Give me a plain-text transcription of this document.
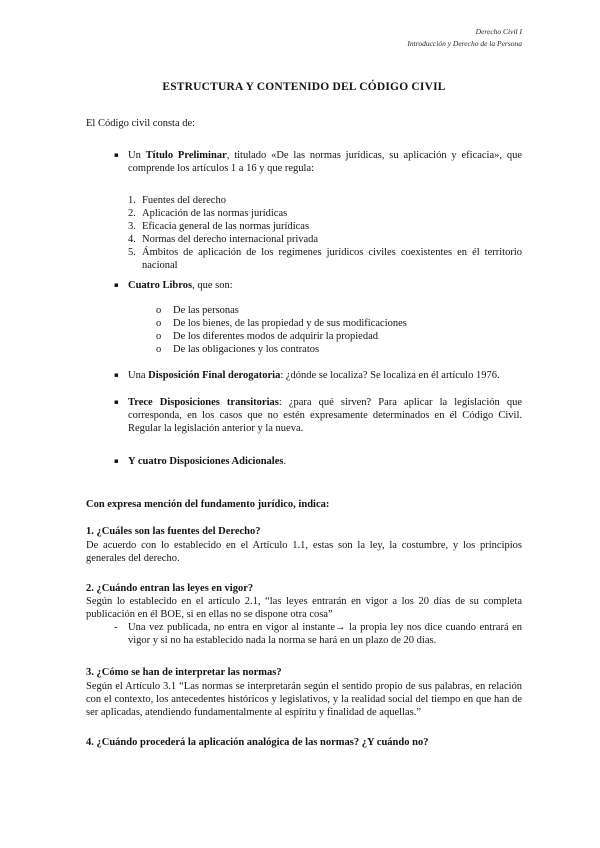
Derecho Civil I
Introducción y Derecho de la Persona
ESTRUCTURA Y CONTENIDO DEL CÓDIGO CIVIL

El Código civil consta de:

▪ Un Título Preliminar, titulado «De las normas jurídicas, su aplicación y eficacia», que comprende los artículos 1 a 16 y que regula:
1. Fuentes del derecho
2. Aplicación de las normas jurídicas
3. Eficacia general de las normas jurídicas
4. Normas del derecho internacional privada
5. Ámbitos de aplicación de los regímenes jurídicos civiles coexistentes en él territorio nacional
▪ Cuatro Libros, que son:
o	De las personas
o	De los bienes, de las propiedad y de sus modificaciones
o	De los diferentes modos de adquirir la propiedad
o	De las obligaciones y los contratos
▪ Una Disposición Final derogatoria: ¿dónde se localiza? Se localiza en él artículo 1976.
▪ Trece Disposiciones transitorias: ¿para qué sirven? Para aplicar la legislación que corresponda, en los casos que no estén expresamente determinados en él Código Civil. Regular la legislación anterior y la nueva.
▪ Y cuatro Disposiciones Adicionales.
Con expresa mención del fundamento jurídico, indica:
1. ¿Cuáles son las fuentes del Derecho?
De acuerdo con lo establecido en el Artículo 1.1, estas son la ley, la costumbre, y los principios generales del derecho.
2. ¿Cuándo entran las leyes en vigor?
Según lo establecido en el artículo 2.1, “las leyes entrarán en vigor a los 20 días de su completa publicación en él BOE, si en ellas no se dispone otra cosa”
-	Una vez publicada, no entra en vigor al instante→ la propia ley nos dice cuando entrará en vigor y si no ha establecido nada la norma se hará en un plazo de 20 días.
3. ¿Cómo se han de interpretar las normas?
Según el Artículo 3.1 “Las normas se interpretarán según el sentido propio de sus palabras, en relación con el contexto, los antecedentes históricos y legislativos, y la realidad social del tiempo en que han de ser aplicadas, atendiendo fundamentalmente al espíritu y finalidad de aquellas.”
4. ¿Cuándo procederá la aplicación analógica de las normas? ¿Y cuándo no?
